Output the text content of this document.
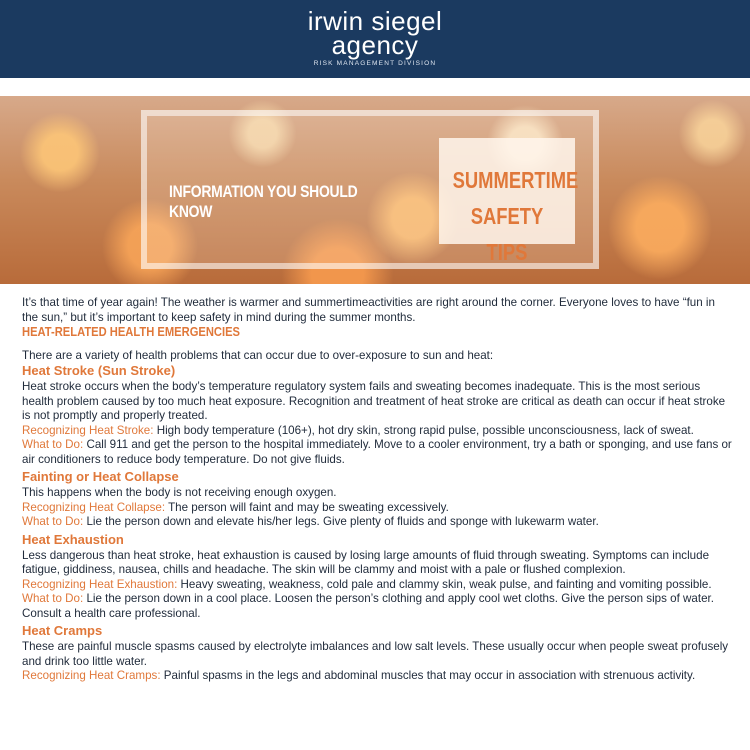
irwin siegel
agency
RISK MANAGEMENT DIVISION
INFORMATION YOU SHOULD KNOW
SUMMERTIME
SAFETY TIPS

It’s that time of year again! The weather is warmer and summertimeactivities are right around the corner. Everyone loves to have “fun in the sun,” but it’s important to keep safety in mind during the summer months.

HEAT-RELATED HEALTH EMERGENCIES

There are a variety of health problems that can occur due to over-exposure to sun and heat:

Heat Stroke (Sun Stroke)

Heat stroke occurs when the body’s temperature regulatory system fails and sweating becomes inadequate. This is the most serious health problem caused by too much heat exposure. Recognition and treatment of heat stroke are critical as death can occur if heat stroke is not promptly and properly treated.

Recognizing Heat Stroke: High body temperature (106+), hot dry skin, strong rapid pulse, possible unconsciousness, lack of sweat.

What to Do: Call 911 and get the person to the hospital immediately. Move to a cooler environment, try a bath or sponging, and use fans or air conditioners to reduce body temperature. Do not give fluids.

Fainting or Heat Collapse

This happens when the body is not receiving enough oxygen.

Recognizing Heat Collapse: The person will faint and may be sweating excessively.

What to Do: Lie the person down and elevate his/her legs. Give plenty of fluids and sponge with lukewarm water.

Heat Exhaustion

Less dangerous than heat stroke, heat exhaustion is caused by losing large amounts of fluid through sweating. Symptoms can include fatigue, giddiness, nausea, chills and headache. The skin will be clammy and moist with a pale or flushed complexion.

Recognizing Heat Exhaustion: Heavy sweating, weakness, cold pale and clammy skin, weak pulse, and fainting and vomiting possible.

What to Do: Lie the person down in a cool place. Loosen the person’s clothing and apply cool wet cloths. Give the person sips of water. Consult a health care professional.

Heat Cramps

These are painful muscle spasms caused by electrolyte imbalances and low salt levels. These usually occur when people sweat profusely and drink too little water.

Recognizing Heat Cramps: Painful spasms in the legs and abdominal muscles that may occur in association with strenuous activity.
